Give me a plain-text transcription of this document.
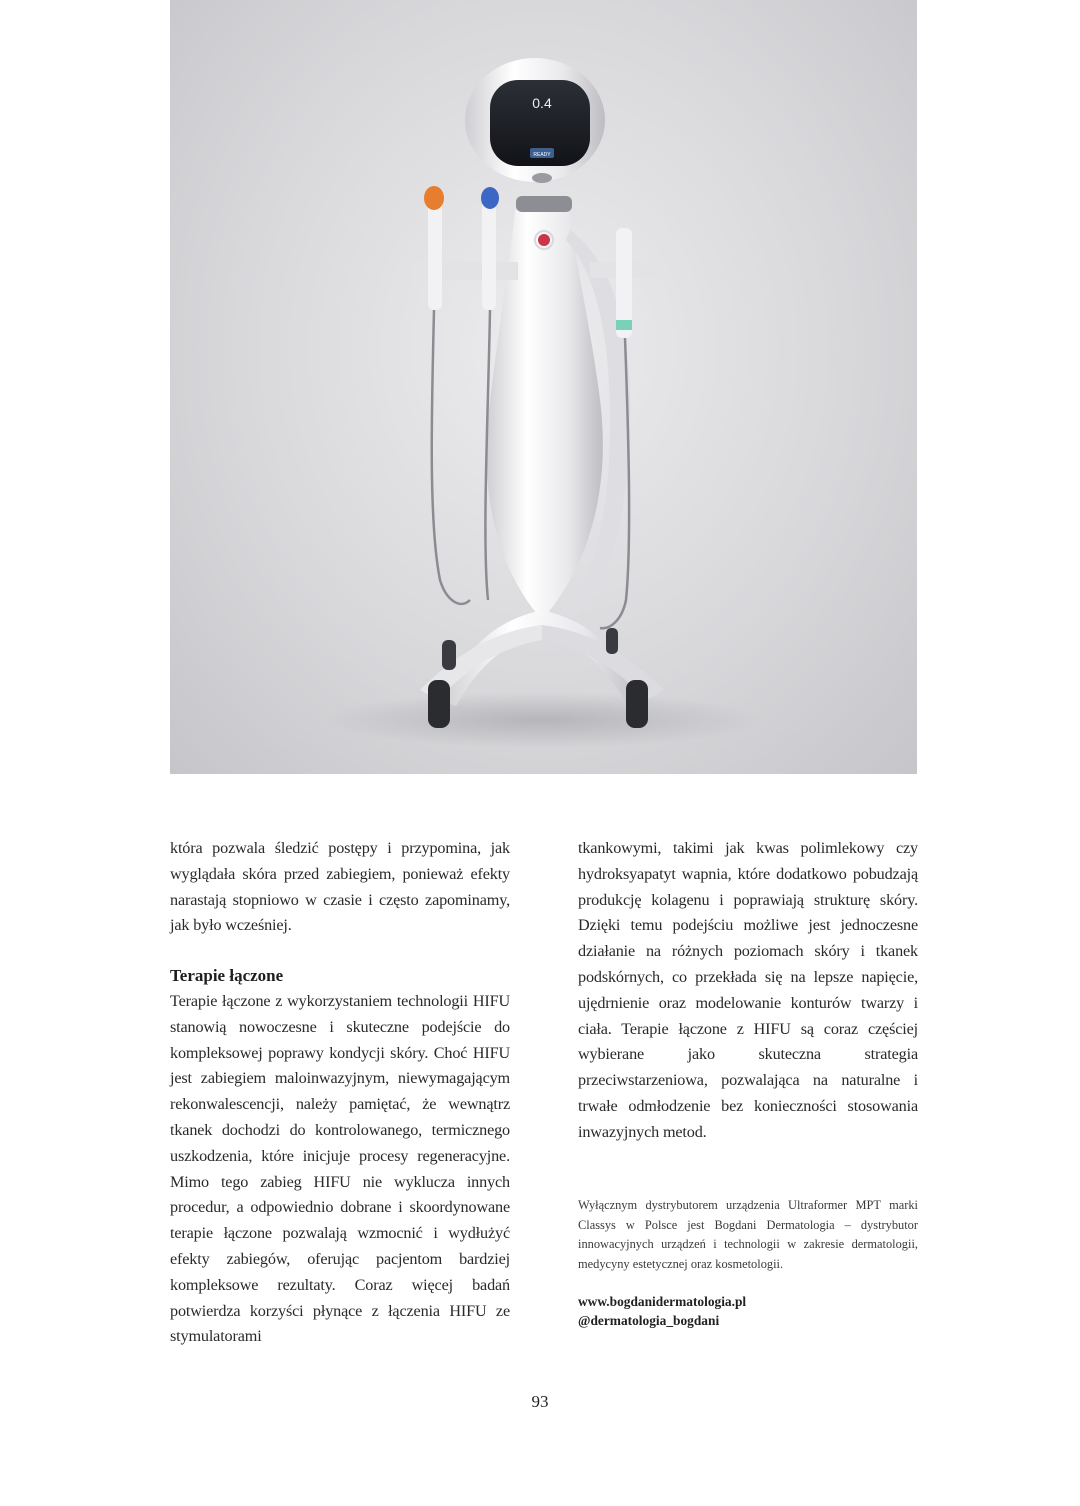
0.4
READY

która pozwala śledzić postępy i przypomina, jak wyglądała skóra przed zabiegiem, ponieważ efekty narastają stopniowo w czasie i często zapominamy, jak było wcześniej.

Terapie łączone

Terapie łączone z wykorzystaniem technologii HIFU stanowią nowoczesne i skuteczne podejście do kompleksowej poprawy kondycji skóry. Choć HIFU jest zabiegiem maloinwazyjnym, niewymagającym rekonwalescencji, należy pamiętać, że wewnątrz tkanek dochodzi do kontrolowanego, termicznego uszkodzenia, które inicjuje procesy regeneracyjne. Mimo tego zabieg HIFU nie wyklucza innych procedur, a odpowiednio dobrane i skoordynowane terapie łączone pozwalają wzmocnić i wydłużyć efekty zabiegów, oferując pacjentom bardziej kompleksowe rezultaty. Coraz więcej badań potwierdza korzyści płynące z łączenia HIFU ze stymulatorami

tkankowymi, takimi jak kwas polimlekowy czy hydroksyapatyt wapnia, które dodatkowo pobudzają produkcję kolagenu i poprawiają strukturę skóry. Dzięki temu podejściu możliwe jest jednoczesne działanie na różnych poziomach skóry i tkanek podskórnych, co przekłada się na lepsze napięcie, ujędrnienie oraz modelowanie konturów twarzy i ciała. Terapie łączone z HIFU są coraz częściej wybierane jako skuteczna strategia przeciwstarzeniowa, pozwalająca na naturalne i trwałe odmłodzenie bez konieczności stosowania inwazyjnych metod.

Wyłącznym dystrybutorem urządzenia Ultraformer MPT marki Classys w Polsce jest Bogdani Dermatologia – dystrybutor innowacyjnych urządzeń i technologii w zakresie dermatologii, medycyny estetycznej oraz kosmetologii.

www.bogdanidermatologia.pl
@dermatologia_bogdani
93
